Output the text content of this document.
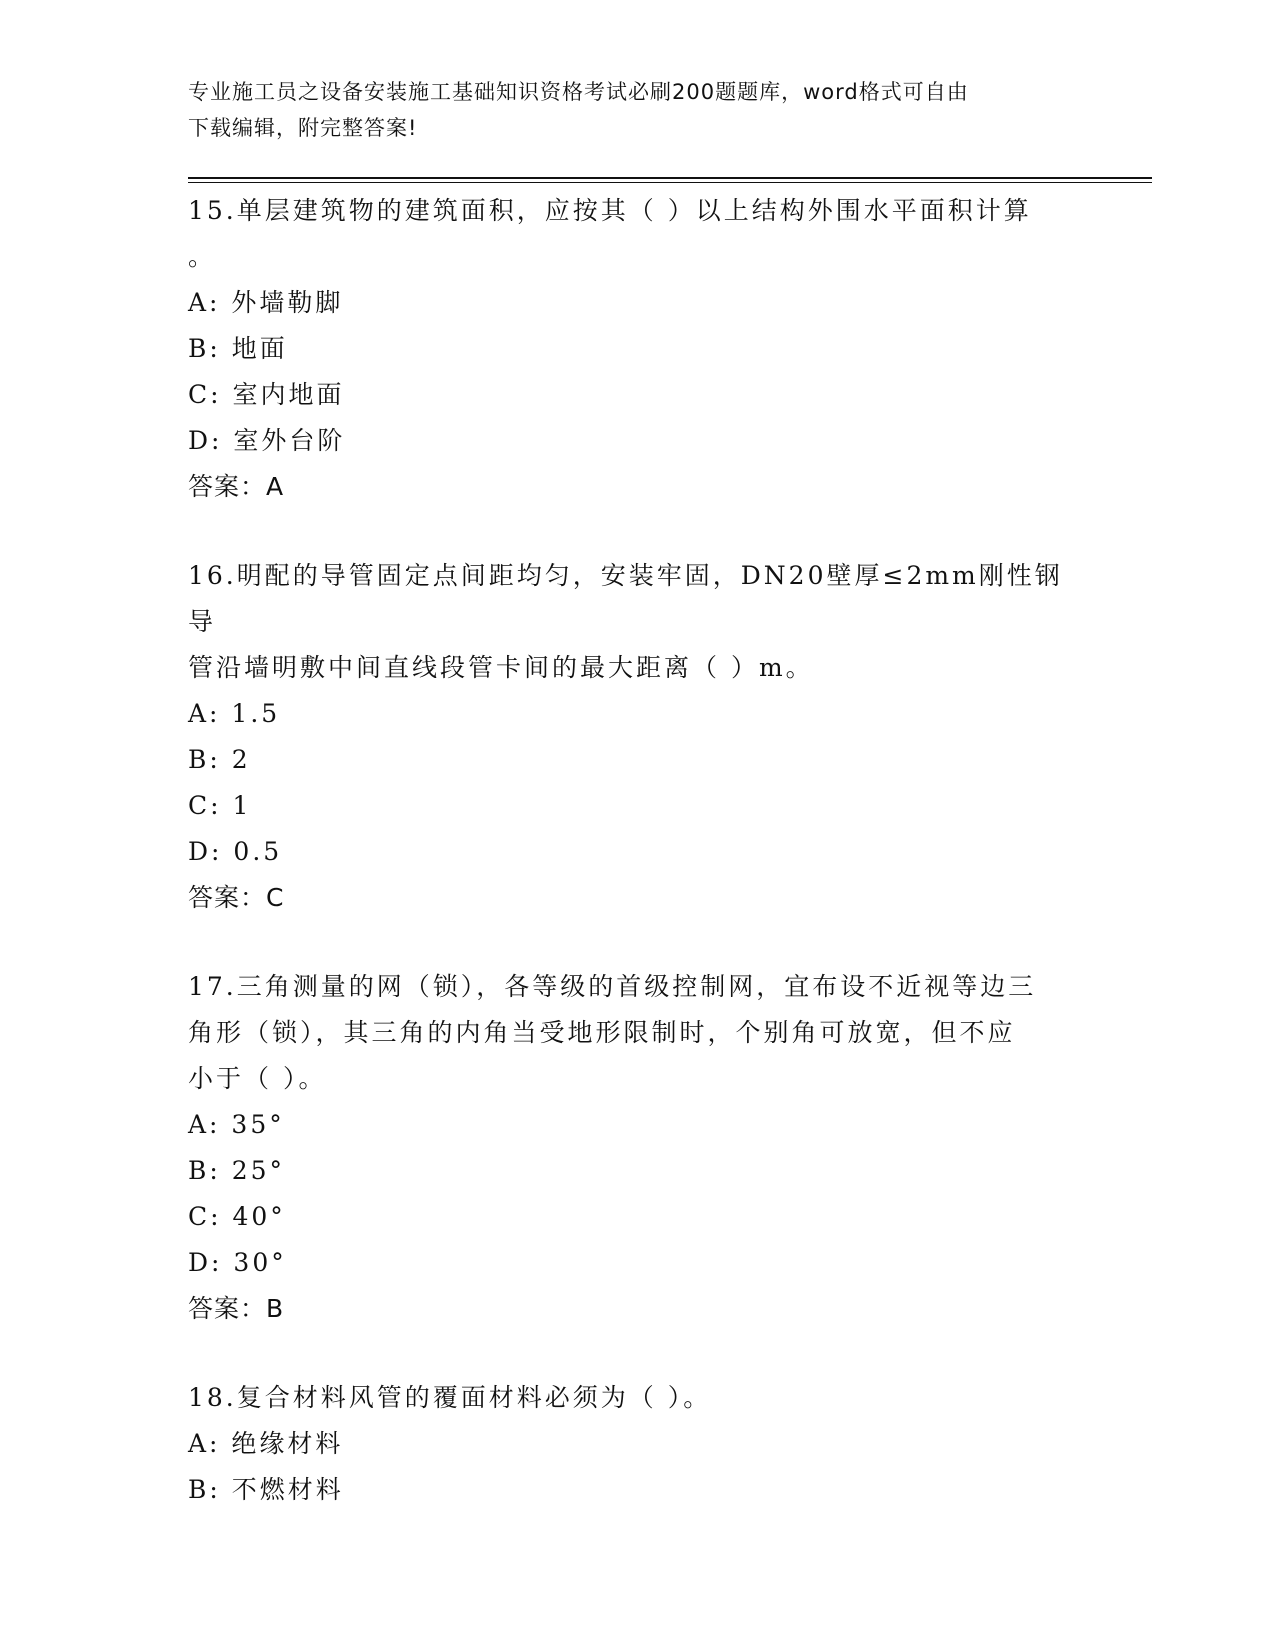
专业施工员之设备安装施工基础知识资格考试必刷200题题库，word格式可自由
下载编辑，附完整答案!

15.单层建筑物的建筑面积，应按其（ ）以上结构外围水平面积计算

。

A: 外墙勒脚

B: 地面

C: 室内地面

D: 室外台阶

答案：A

16.明配的导管固定点间距均匀，安装牢固，DN20壁厚≤2mm刚性钢导

管沿墙明敷中间直线段管卡间的最大距离（ ）m。

A: 1.5

B: 2

C: 1

D: 0.5

答案：C

17.三角测量的网（锁），各等级的首级控制网，宜布设不近视等边三

角形（锁），其三角的内角当受地形限制时，个别角可放宽，但不应

小于（ ）。

A: 35°

B: 25°

C: 40°

D: 30°

答案：B

18.复合材料风管的覆面材料必须为（ ）。

A: 绝缘材料

B: 不燃材料
